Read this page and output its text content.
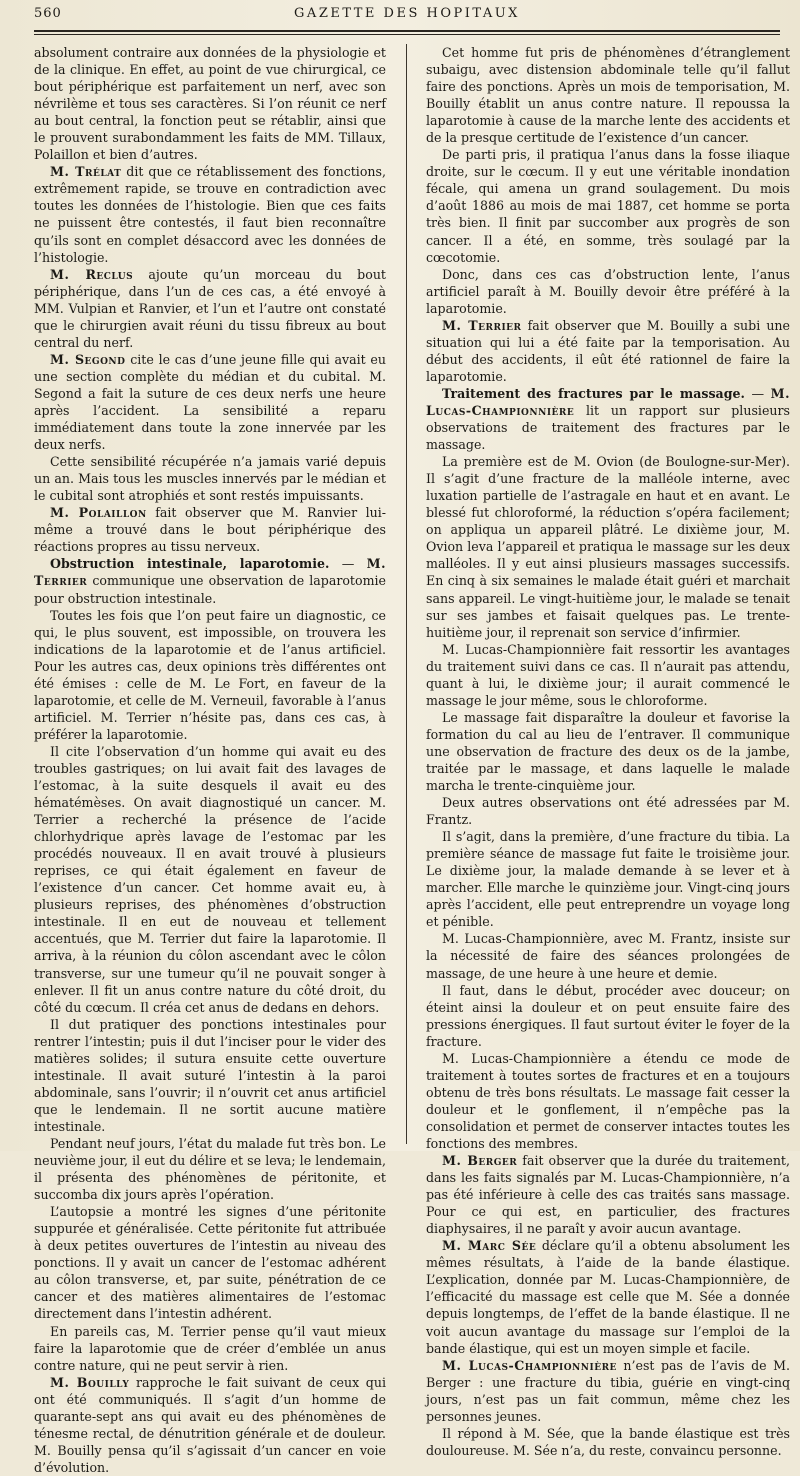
560	GAZETTE DES HOPITAUX

absolument contraire aux données de la physiologie et de la clinique. En effet, au point de vue chirurgical, ce bout périphérique est parfaitement un nerf, avec son névrilème et tous ses caractères. Si l’on réunit ce nerf au bout central, la fonction peut se rétablir, ainsi que le prouvent surabondamment les faits de MM. Tillaux, Polaillon et bien d’autres.

M. Trélat dit que ce rétablissement des fonctions, extrêmement rapide, se trouve en contradiction avec toutes les données de l’histologie. Bien que ces faits ne puissent être contestés, il faut bien reconnaître qu’ils sont en complet désaccord avec les données de l’histologie.

M. Reclus ajoute qu’un morceau du bout périphérique, dans l’un de ces cas, a été envoyé à MM. Vulpian et Ranvier, et l’un et l’autre ont constaté que le chirurgien avait réuni du tissu fibreux au bout central du nerf.

M. Segond cite le cas d’une jeune fille qui avait eu une section complète du médian et du cubital. M. Segond a fait la suture de ces deux nerfs une heure après l’accident. La sensibilité a reparu immédiatement dans toute la zone innervée par les deux nerfs.

Cette sensibilité récupérée n’a jamais varié depuis un an. Mais tous les muscles innervés par le médian et le cubital sont atrophiés et sont restés impuissants.

M. Polaillon fait observer que M. Ranvier lui-même a trouvé dans le bout périphérique des réactions propres au tissu nerveux.

Obstruction intestinale, laparotomie. — M. Terrier communique une observation de laparotomie pour obstruction intestinale.

Toutes les fois que l’on peut faire un diagnostic, ce qui, le plus souvent, est impossible, on trouvera les indications de la laparotomie et de l’anus artificiel. Pour les autres cas, deux opinions très différentes ont été émises : celle de M. Le Fort, en faveur de la laparotomie, et celle de M. Verneuil, favorable à l’anus artificiel. M. Terrier n’hésite pas, dans ces cas, à préférer la laparotomie.

Il cite l’observation d’un homme qui avait eu des troubles gastriques; on lui avait fait des lavages de l’estomac, à la suite desquels il avait eu des hématémèses. On avait diagnostiqué un cancer. M. Terrier a recherché la présence de l’acide chlorhydrique après lavage de l’estomac par les procédés nouveaux. Il en avait trouvé à plusieurs reprises, ce qui était également en faveur de l’existence d’un cancer. Cet homme avait eu, à plusieurs reprises, des phénomènes d’obstruction intestinale. Il en eut de nouveau et tellement accentués, que M. Terrier dut faire la laparotomie. Il arriva, à la réunion du côlon ascendant avec le côlon transverse, sur une tumeur qu’il ne pouvait songer à enlever. Il fit un anus contre nature du côté droit, du côté du cœcum. Il créa cet anus de dedans en dehors.

Il dut pratiquer des ponctions intestinales pour rentrer l’intestin; puis il dut l’inciser pour le vider des matières solides; il sutura ensuite cette ouverture intestinale. Il avait suturé l’intestin à la paroi abdominale, sans l’ouvrir; il n’ouvrit cet anus artificiel que le lendemain. Il ne sortit aucune matière intestinale.

Pendant neuf jours, l’état du malade fut très bon. Le neuvième jour, il eut du délire et se leva; le lendemain, il présenta des phénomènes de péritonite, et succomba dix jours après l’opération.

L’autopsie a montré les signes d’une péritonite suppurée et généralisée. Cette péritonite fut attribuée à deux petites ouvertures de l’intestin au niveau des ponctions. Il y avait un cancer de l’estomac adhérent au côlon transverse, et, par suite, pénétration de ce cancer et des matières alimentaires de l’estomac directement dans l’intestin adhérent.

En pareils cas, M. Terrier pense qu’il vaut mieux faire la laparotomie que de créer d’emblée un anus contre nature, qui ne peut servir à rien.

M. Bouilly rapproche le fait suivant de ceux qui ont été communiqués. Il s’agit d’un homme de quarante-sept ans qui avait eu des phénomènes de ténesme rectal, de dénutrition générale et de douleur. M. Bouilly pensa qu’il s’agissait d’un cancer en voie d’évolution.

Cet homme fut pris de phénomènes d’étranglement subaigu, avec distension abdominale telle qu’il fallut faire des ponctions. Après un mois de temporisation, M. Bouilly établit un anus contre nature. Il repoussa la laparotomie à cause de la marche lente des accidents et de la presque certitude de l’existence d’un cancer.

De parti pris, il pratiqua l’anus dans la fosse iliaque droite, sur le cœcum. Il y eut une véritable inondation fécale, qui amena un grand soulagement. Du mois d’août 1886 au mois de mai 1887, cet homme se porta très bien. Il finit par succomber aux progrès de son cancer. Il a été, en somme, très soulagé par la cœcotomie.

Donc, dans ces cas d’obstruction lente, l’anus artificiel paraît à M. Bouilly devoir être préféré à la laparotomie.

M. Terrier fait observer que M. Bouilly a subi une situation qui lui a été faite par la temporisation. Au début des accidents, il eût été rationnel de faire la laparotomie.

Traitement des fractures par le massage. — M. Lucas-Championnière lit un rapport sur plusieurs observations de traitement des fractures par le massage.

La première est de M. Ovion (de Boulogne-sur-Mer). Il s’agit d’une fracture de la malléole interne, avec luxation partielle de l’astragale en haut et en avant. Le blessé fut chloroformé, la réduction s’opéra facilement; on appliqua un appareil plâtré. Le dixième jour, M. Ovion leva l’appareil et pratiqua le massage sur les deux malléoles. Il y eut ainsi plusieurs massages successifs. En cinq à six semaines le malade était guéri et marchait sans appareil. Le vingt-huitième jour, le malade se tenait sur ses jambes et faisait quelques pas. Le trente-huitième jour, il reprenait son service d’infirmier.

M. Lucas-Championnière fait ressortir les avantages du traitement suivi dans ce cas. Il n’aurait pas attendu, quant à lui, le dixième jour; il aurait commencé le massage le jour même, sous le chloroforme.

Le massage fait disparaître la douleur et favorise la formation du cal au lieu de l’entraver. Il communique une observation de fracture des deux os de la jambe, traitée par le massage, et dans laquelle le malade marcha le trente-cinquième jour.

Deux autres observations ont été adressées par M. Frantz.

Il s’agit, dans la première, d’une fracture du tibia. La première séance de massage fut faite le troisième jour. Le dixième jour, la malade demande à se lever et à marcher. Elle marche le quinzième jour. Vingt-cinq jours après l’accident, elle peut entreprendre un voyage long et pénible.

M. Lucas-Championnière, avec M. Frantz, insiste sur la nécessité de faire des séances prolongées de massage, de une heure à une heure et demie.

Il faut, dans le début, procéder avec douceur; on éteint ainsi la douleur et on peut ensuite faire des pressions énergiques. Il faut surtout éviter le foyer de la fracture.

M. Lucas-Championnière a étendu ce mode de traitement à toutes sortes de fractures et en a toujours obtenu de très bons résultats. Le massage fait cesser la douleur et le gonflement, il n’empêche pas la consolidation et permet de conserver intactes toutes les fonctions des membres.

M. Berger fait observer que la durée du traitement, dans les faits signalés par M. Lucas-Championnière, n’a pas été inférieure à celle des cas traités sans massage. Pour ce qui est, en particulier, des fractures diaphysaires, il ne paraît y avoir aucun avantage.

M. Marc Sée déclare qu’il a obtenu absolument les mêmes résultats, à l’aide de la bande élastique. L’explication, donnée par M. Lucas-Championnière, de l’efficacité du massage est celle que M. Sée a donnée depuis longtemps, de l’effet de la bande élastique. Il ne voit aucun avantage du massage sur l’emploi de la bande élastique, qui est un moyen simple et facile.

M. Lucas-Championnière n’est pas de l’avis de M. Berger : une fracture du tibia, guérie en vingt-cinq jours, n’est pas un fait commun, même chez les personnes jeunes.

Il répond à M. Sée, que la bande élastique est très douloureuse. M. Sée n’a, du reste, convaincu personne.
